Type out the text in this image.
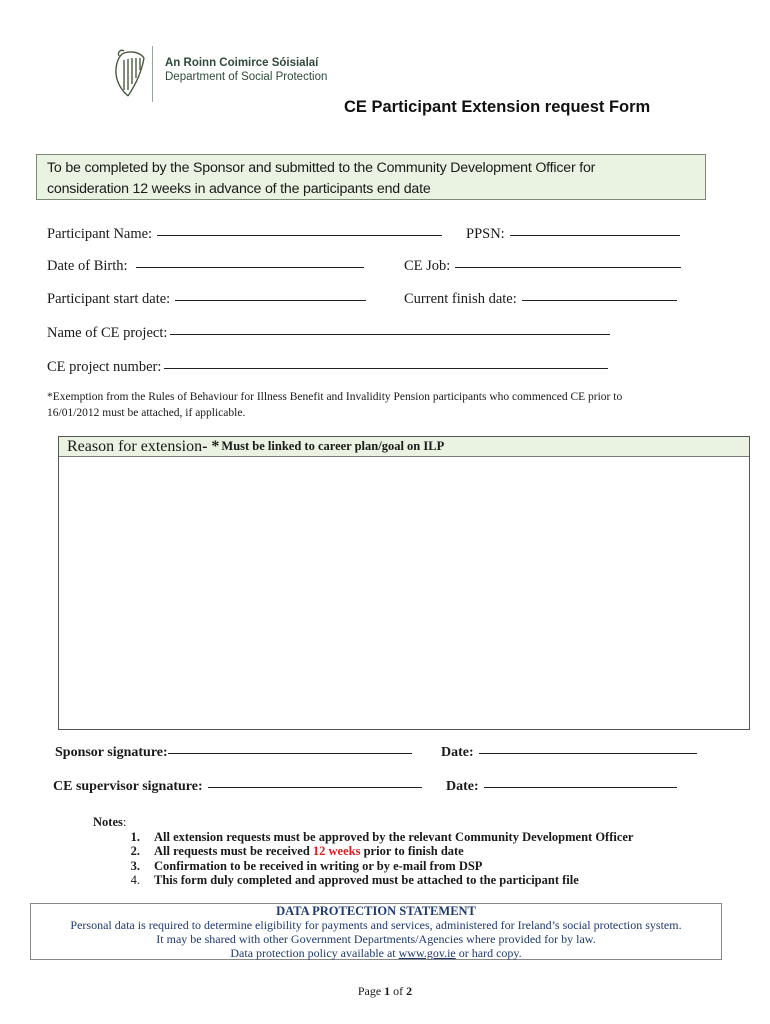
An Roinn Coimirce Sóisialaí
Department of Social Protection
CE Participant Extension request Form
To be completed by the Sponsor and submitted to the Community Development Officer for
consideration 12 weeks in advance of the participants end date
Participant Name:	PPSN:
Date of Birth:	CE Job:
Participant start date:	Current finish date:
Name of CE project:
CE project number:
*Exemption from the Rules of Behaviour for Illness Benefit and Invalidity Pension participants who commenced CE prior to
16/01/2012 must be attached, if applicable.
Reason for extension - * Must be linked to career plan/goal on ILP
Sponsor signature:	Date:
CE supervisor signature:	Date:
Notes:
1. All extension requests must be approved by the relevant Community Development Officer
2. All requests must be received 12 weeks prior to finish date
3. Confirmation to be received in writing or by e-mail from DSP
4. This form duly completed and approved must be attached to the participant file
DATA PROTECTION STATEMENT
Personal data is required to determine eligibility for payments and services, administered for Ireland’s social protection system.
It may be shared with other Government Departments/Agencies where provided for by law.
Data protection policy available at www.gov.ie or hard copy.
Page 1 of 2
